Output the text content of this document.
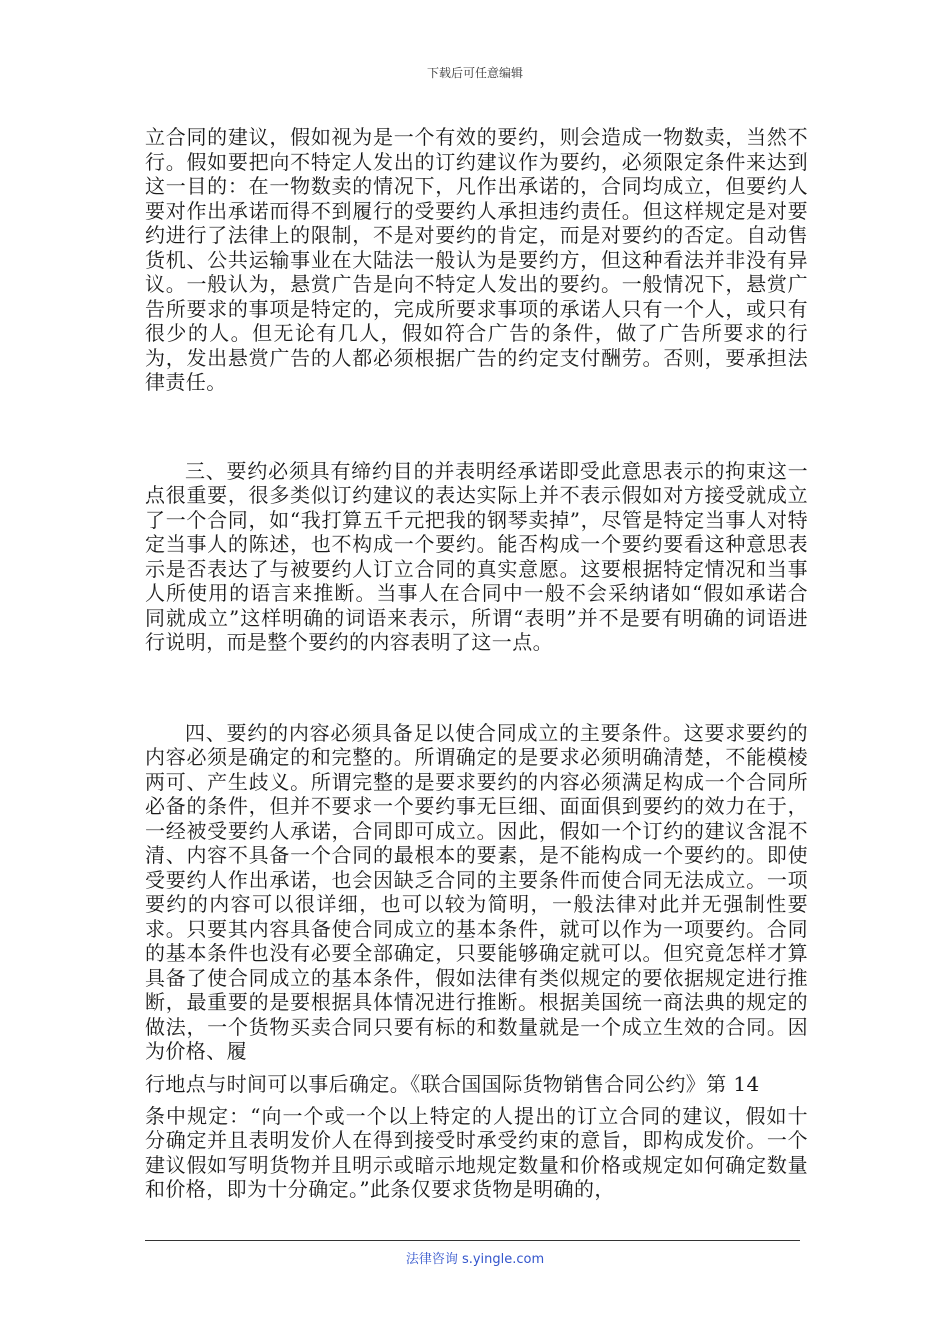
下载后可任意编辑

立合同的建议，假如视为是一个有效的要约，则会造成一物数卖，当然不行。假如要把向不特定人发出的订约建议作为要约，必须限定条件来达到这一目的：在一物数卖的情况下，凡作出承诺的，合同均成立，但要约人要对作出承诺而得不到履行的受要约人承担违约责任。但这样规定是对要约进行了法律上的限制，不是对要约的肯定，而是对要约的否定。自动售货机、公共运输事业在大陆法一般认为是要约方，但这种看法并非没有异议。一般认为，悬赏广告是向不特定人发出的要约。一般情况下，悬赏广告所要求的事项是特定的，完成所要求事项的承诺人只有一个人，或只有很少的人。但无论有几人，假如符合广告的条件，做了广告所要求的行为，发出悬赏广告的人都必须根据广告的约定支付酬劳。否则，要承担法律责任。

三、要约必须具有缔约目的并表明经承诺即受此意思表示的拘束这一点很重要，很多类似订约建议的表达实际上并不表示假如对方接受就成立了一个合同，如“我打算五千元把我的钢琴卖掉”，尽管是特定当事人对特定当事人的陈述，也不构成一个要约。能否构成一个要约要看这种意思表示是否表达了与被要约人订立合同的真实意愿。这要根据特定情况和当事人所使用的语言来推断。当事人在合同中一般不会采纳诸如“假如承诺合同就成立”这样明确的词语来表示，所谓“表明”并不是要有明确的词语进行说明，而是整个要约的内容表明了这一点。

四、要约的内容必须具备足以使合同成立的主要条件。这要求要约的内容必须是确定的和完整的。所谓确定的是要求必须明确清楚，不能模棱两可、产生歧义。所谓完整的是要求要约的内容必须满足构成一个合同所必备的条件，但并不要求一个要约事无巨细、面面俱到要约的效力在于，一经被受要约人承诺，合同即可成立。因此，假如一个订约的建议含混不清、内容不具备一个合同的最根本的要素，是不能构成一个要约的。即使受要约人作出承诺，也会因缺乏合同的主要条件而使合同无法成立。一项要约的内容可以很详细，也可以较为简明，一般法律对此并无强制性要求。只要其内容具备使合同成立的基本条件，就可以作为一项要约。合同的基本条件也没有必要全部确定，只要能够确定就可以。但究竟怎样才算具备了使合同成立的基本条件，假如法律有类似规定的要依据规定进行推断，最重要的是要根据具体情况进行推断。根据美国统一商法典的规定的做法，一个货物买卖合同只要有标的和数量就是一个成立生效的合同。因为价格、履

行地点与时间可以事后确定。《联合国国际货物销售合同公约》第 14

条中规定：“向一个或一个以上特定的人提出的订立合同的建议，假如十分确定并且表明发价人在得到接受时承受约束的意旨，即构成发价。一个建议假如写明货物并且明示或暗示地规定数量和价格或规定如何确定数量和价格，即为十分确定。”此条仅要求货物是明确的，

法律咨询 s.yingle.com
